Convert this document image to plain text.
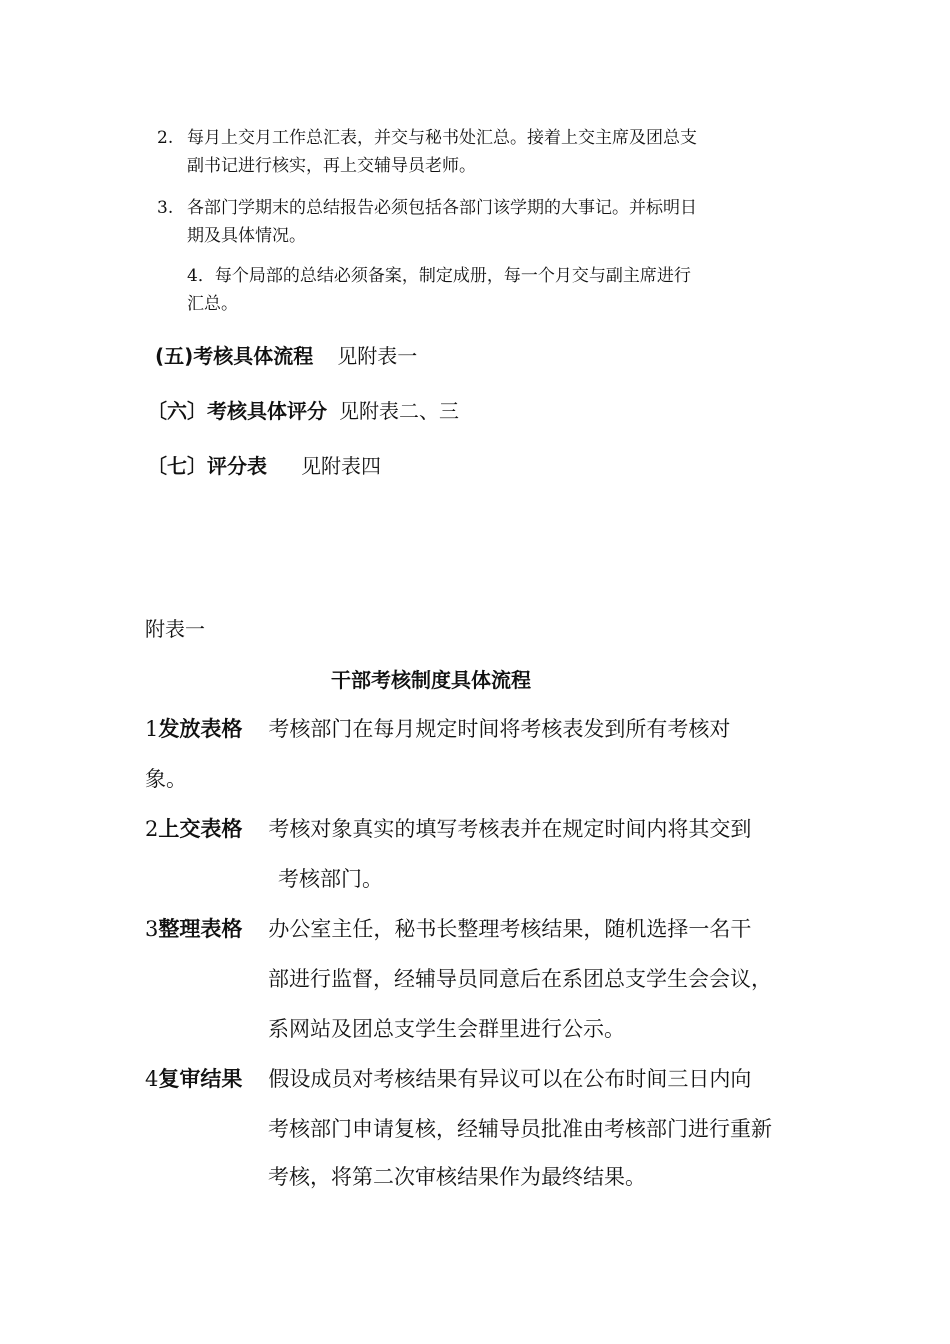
2. 每月上交月工作总汇表，并交与秘书处汇总。接着上交主席及团总支
副书记进行核实，再上交辅导员老师。
3. 各部门学期末的总结报告必须包括各部门该学期的大事记。并标明日
期及具体情况。
4．每个局部的总结必须备案，制定成册，每一个月交与副主席进行
汇总。
(五)考核具体流程 见附表一
〔六〕考核具体评分 见附表二、三
〔七〕评分表 见附表四
附表一
干部考核制度具体流程
1发放表格 考核部门在每月规定时间将考核表发到所有考核对
象。
2上交表格 考核对象真实的填写考核表并在规定时间内将其交到
考核部门。
3整理表格 办公室主任，秘书长整理考核结果，随机选择一名干
部进行监督，经辅导员同意后在系团总支学生会会议，
系网站及团总支学生会群里进行公示。
4复审结果 假设成员对考核结果有异议可以在公布时间三日内向
考核部门申请复核，经辅导员批准由考核部门进行重新
考核，将第二次审核结果作为最终结果。
